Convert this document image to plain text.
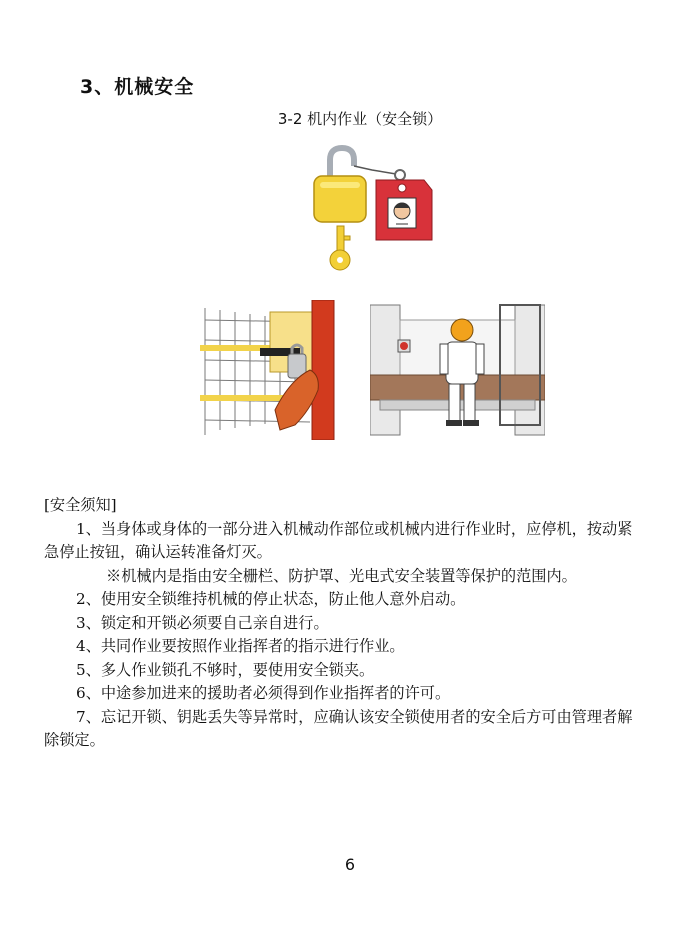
3、机械安全
3-2 机内作业（安全锁）

[安全须知]

1、当身体或身体的一部分进入机械动作部位或机械内进行作业时，应停机，按动紧急停止按钮，确认运转准备灯灭。

※机械内是指由安全栅栏、防护罩、光电式安全装置等保护的范围内。

2、使用安全锁维持机械的停止状态，防止他人意外启动。

3、锁定和开锁必须要自己亲自进行。

4、共同作业要按照作业指挥者的指示进行作业。

5、多人作业锁孔不够时，要使用安全锁夹。

6、中途参加进来的援助者必须得到作业指挥者的许可。

7、忘记开锁、钥匙丢失等异常时，应确认该安全锁使用者的安全后方可由管理者解除锁定。

6
